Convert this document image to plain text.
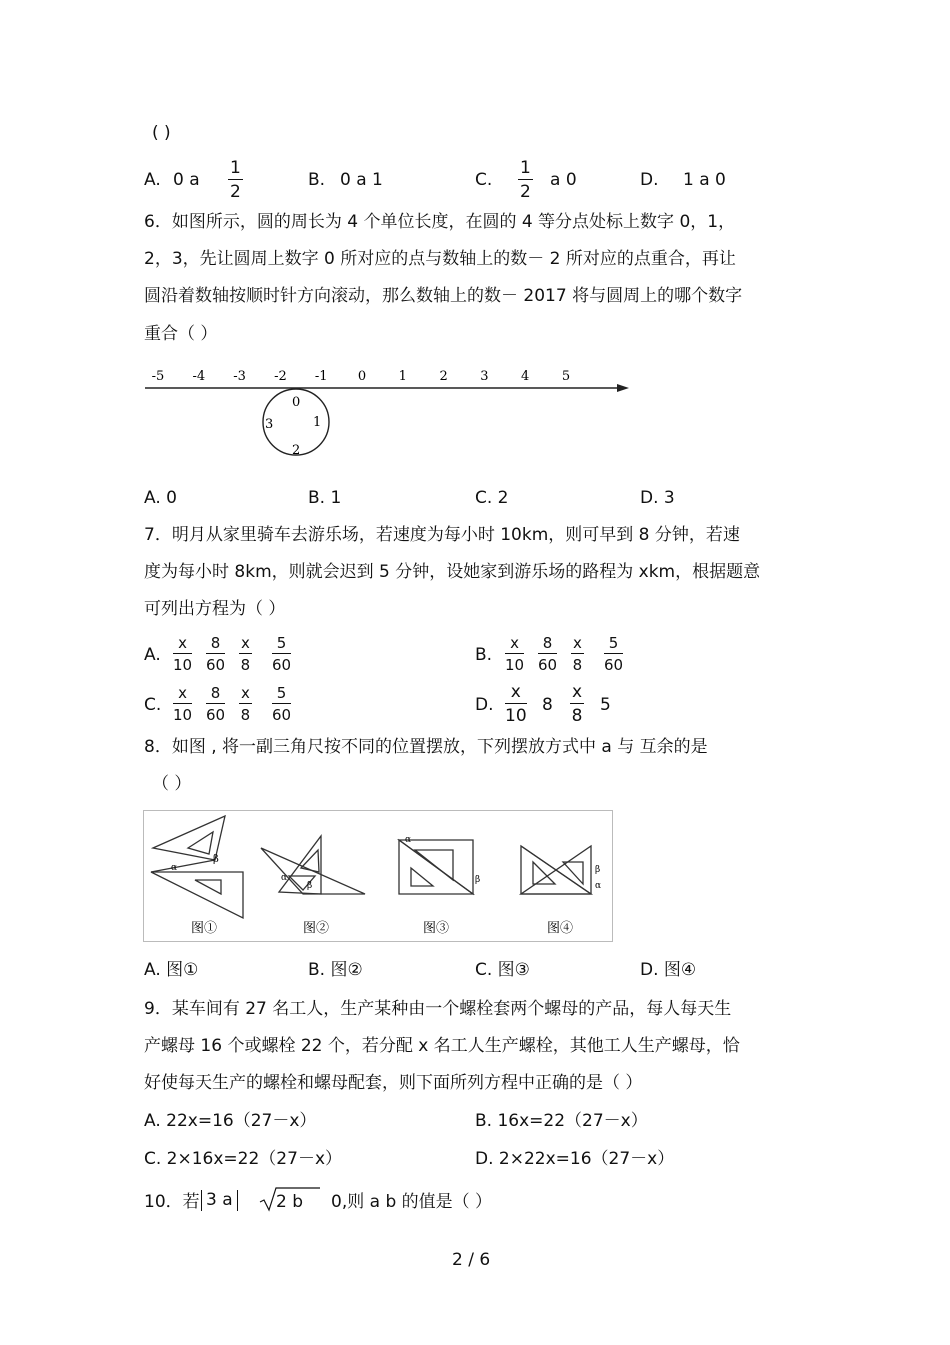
( )
A. 0 a $\frac{1}{2}$	B. 0 a 1	C. $\frac{1}{2}$ a 0	D. 1 a 0
6．如图所示，圆的周长为 4 个单位长度，在圆的 4 等分点处标上数字 0，1，
2，3，先让圆周上数字 0 所对应的点与数轴上的数－ 2 所对应的点重合，再让
圆沿着数轴按顺时针方向滚动，那么数轴上的数－ 2017 将与圆周上的哪个数字
重合（ ）
-5 -4 -3 -2 -1 0	1	2	3	4	5
0
1
2
3
A. 0	B. 1	C. 2	D. 3
7．明月从家里骑车去游乐场，若速度为每小时 10km，则可早到 8 分钟，若速
度为每小时 8km，则就会迟到 5 分钟，设她家到游乐场的路程为 xkm，根据题意
可列出方程为（ ）
A. $\frac{x}{10} \frac{8}{60} \frac{x}{8} \frac{5}{60}$	B. $\frac{x}{10} \frac{8}{60} \frac{x}{8} \frac{5}{60}$
C. $\frac{x}{10} \frac{8}{60} \frac{x}{8} \frac{5}{60}$	D. $\frac{x}{10} 8 \frac{x}{8} 5$
8．如图 , 将一副三角尺按不同的位置摆放，下列摆放方式中 a 与 互余的是
（ ）
α
β
α
β
α
β
β
α
图①	图②	图③	图④
A. 图①	B. 图②	C. 图③	D. 图④
9．某车间有 27 名工人，生产某种由一个螺栓套两个螺母的产品，每人每天生
产螺母 16 个或螺栓 22 个，若分配 x 名工人生产螺栓，其他工人生产螺母，恰
好使每天生产的螺栓和螺母配套，则下面所列方程中正确的是（ ）
A. 22x=16（27－x）	B. 16x=22（27－x）
C. 2×16x=22（27－x）	D. 2×22x=16（27－x）
10．若 3 a	2 b 0,则 a b 的值是（ ）
2 / 6
